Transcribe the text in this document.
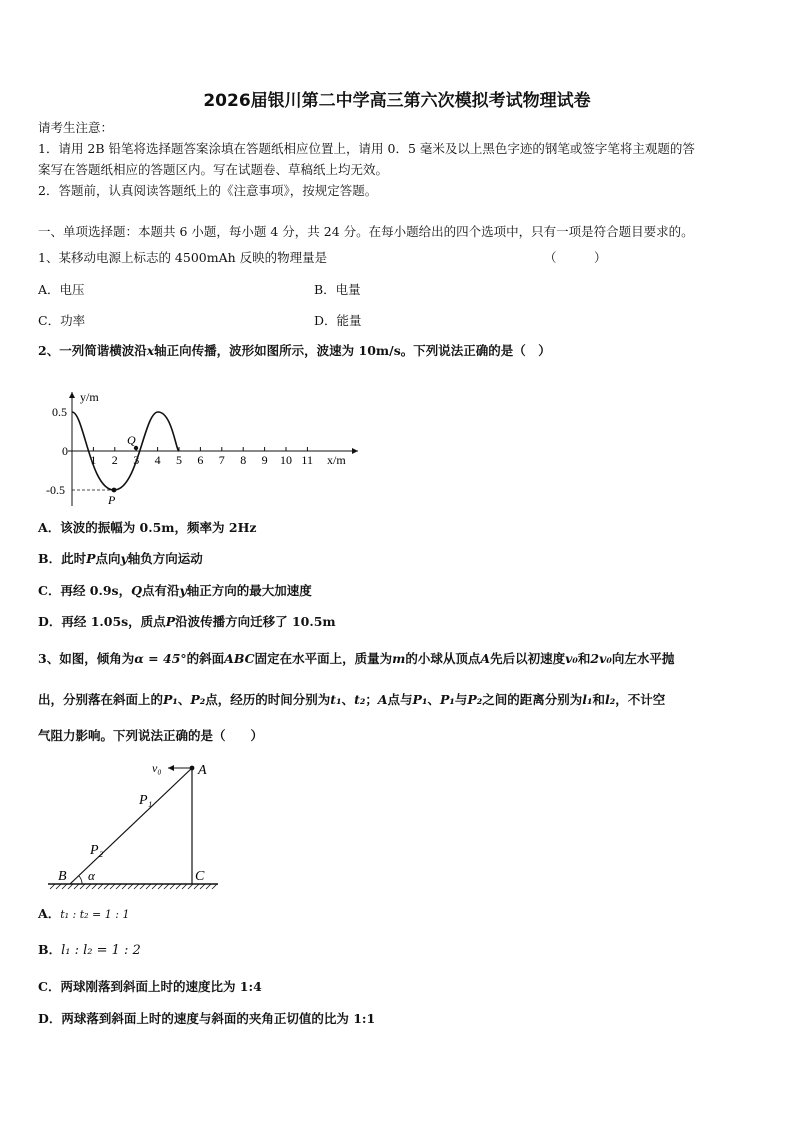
2026届银川第二中学高三第六次模拟考试物理试卷
请考生注意：
1．请用 2B 铅笔将选择题答案涂填在答题纸相应位置上，请用 0．5 毫米及以上黑色字迹的钢笔或签字笔将主观题的答
案写在答题纸相应的答题区内。写在试题卷、草稿纸上均无效。
2．答题前，认真阅读答题纸上的《注意事项》，按规定答题。
一、单项选择题：本题共 6 小题，每小题 4 分，共 24 分。在每小题给出的四个选项中，只有一项是符合题目要求的。
1、某移动电源上标志的 4500mAh 反映的物理量是	（　　　）
A．电压	B．电量
C．功率	D．能量
2、一列简谐横波沿x轴正向传播，波形如图所示，波速为 10m/s。下列说法正确的是（　）
y/m
x/m
0.5
0
-0.5
1 2 3 4 5 6 7 8 9 10 11
P
Q
A．该波的振幅为 0.5m，频率为 2Hz
B．此时P点向y轴负方向运动
C．再经 0.9s，Q点有沿y轴正方向的最大加速度
D．再经 1.05s，质点P沿波传播方向迁移了 10.5m
3、如图，倾角为α = 45°的斜面ABC固定在水平面上，质量为m的小球从顶点A先后以初速度v₀和2v₀向左水平抛
出，分别落在斜面上的P₁、P₂点，经历的时间分别为t₁、t₂；A点与P₁、P₁与P₂之间的距离分别为l₁和l₂，不计空
气阻力影响。下列说法正确的是（　　）
v₀	A
P₁
P₂
B	C
α
A．t₁ : t₂ = 1 : 1
B．l₁ : l₂ = 1 : 2
C．两球刚落到斜面上时的速度比为 1:4
D．两球落到斜面上时的速度与斜面的夹角正切值的比为 1:1
